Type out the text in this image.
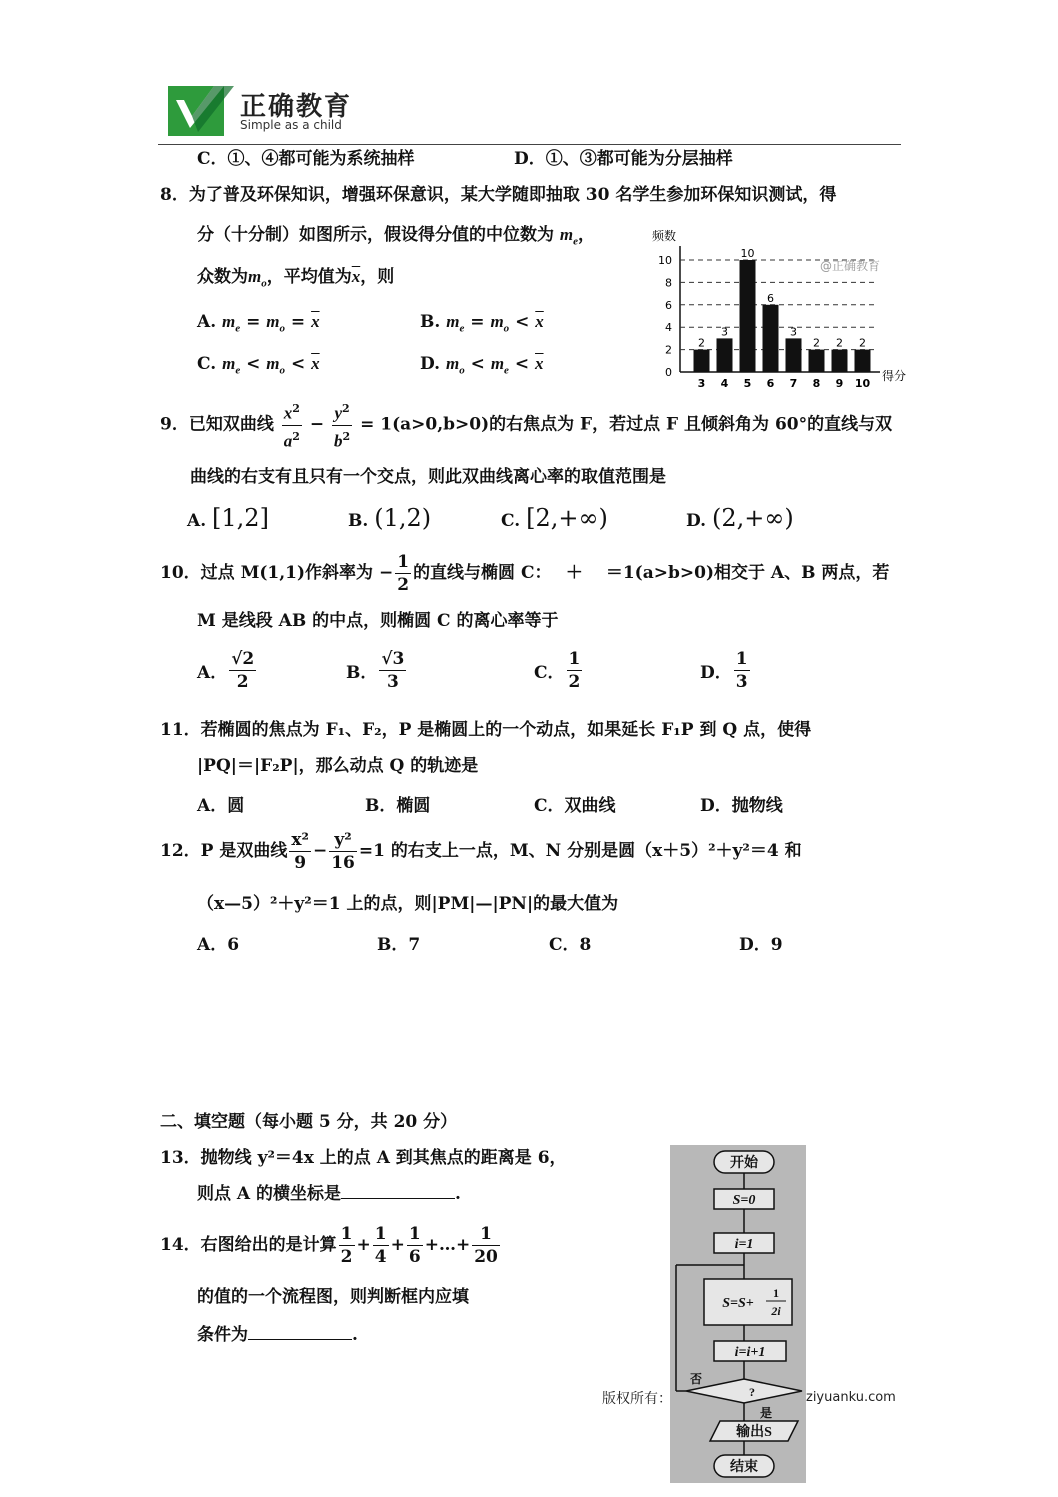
正确教育
Simple as a child
C．①、④都可能为系统抽样	D．①、③都可能为分层抽样
8．为了普及环保知识，增强环保意识，某大学随即抽取 30 名学生参加环保知识测试，得
分（十分制）如图所示，假设得分值的中位数为 $m_e$，
众数为$m_o$，平均值为$\overline{x}$，则
A. $m_e = m_o = \overline{x}$	B. $m_e = m_o < \overline{x}$
C. $m_e < m_o < \overline{x}$	D. $m_o < m_e < \overline{x}$	0
2
4
6
8
10
2
3
3
4
10
5
6
6
3
7
2
8
2
9
2
10
频数
得分
@正确教育
9．已知双曲线 $\frac{x^2}{a^2} - \frac{y^2}{b^2} = 1(a>0,b>0)$的右焦点为 F，若过点 F 且倾斜角为 60°的直线与双
曲线的右支有且只有一个交点，则此双曲线离心率的取值范围是
A. [1,2]	B. (1,2)	C. [2,+∞)	D. (2,+∞)
10．过点 M(1,1)作斜率为 − $\frac{1}{2}$ 的直线与椭圆 C：　 ＋ 　＝1(a>b>0)相交于 A、B 两点，若
M 是线段 AB 的中点，则椭圆 C 的离心率等于
A． $\frac{√2}{2}$	B． $\frac{√3}{3}$	C． $\frac{1}{2}$	D． $\frac{1}{3}$
11．若椭圆的焦点为 F₁、F₂，P 是椭圆上的一个动点，如果延长 F₁P 到 Q 点，使得
|PQ|＝|F₂P|，那么动点 Q 的轨迹是
A．圆	B．椭圆	C．双曲线	D．抛物线
12．P 是双曲线 $\frac{\text{x²}}{9} - \frac{\text{y²}}{16} =1$ 的右支上一点，M、N 分别是圆（x＋5）²＋y²＝4 和
（x—5）²＋y²＝1 上的点，则|PM|—|PN|的最大值为
A．6	B．7	C．8	D．9
二、填空题（每小题 5 分，共 20 分）
13．抛物线 y²＝4x 上的点 A 到其焦点的距离是 6，
则点 A 的横坐标是	.
14．右图给出的是计算 $\frac{1}{2} + \frac{1}{4} + \frac{1}{6}$ +…+ $\frac{1}{20}$
的值的一个流程图，则判断框内应填
条件为	.
开始
S=0
i=1
S=S+
1
2i
i=i+1
?
否
是
输出S
结束
版权所有：	ziyuanku.com
